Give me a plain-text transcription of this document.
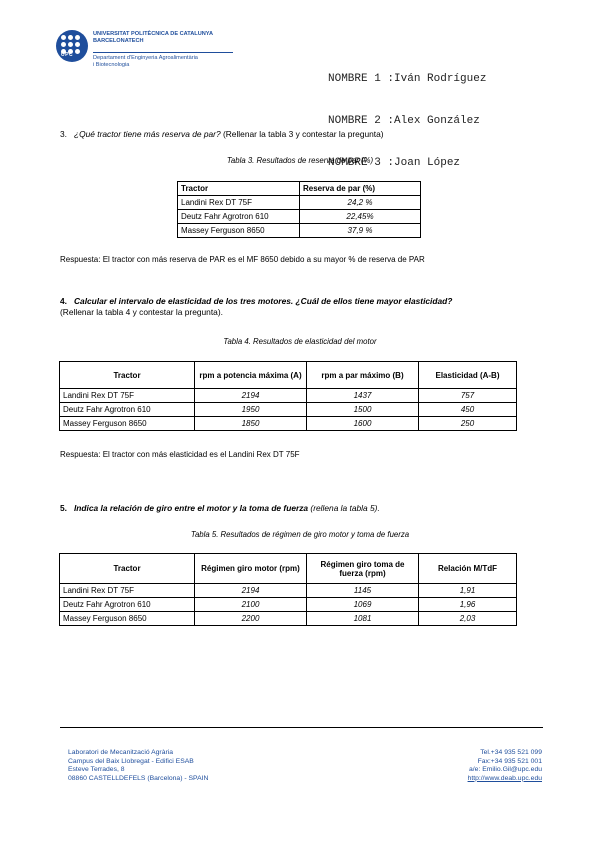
UPC
UNIVERSITAT POLITÈCNICA DE CATALUNYA
BARCELONATECH
Departament d'Enginyeria Agroalimentària
i Biotecnologia

NOMBRE 1 :Iván Rodríguez

NOMBRE 2 :Alex González

NOMBRE 3 :Joan López

3. ¿Qué tractor tiene más reserva de par? (Rellenar la tabla 3 y contestar la pregunta)
Tabla 3. Resultados de reserva de par (%)
Tractor	Reserva de par (%)
Landini Rex DT 75F	24,2 %
Deutz Fahr Agrotron 610	22,45%
Massey Ferguson 8650	37,9 %
Respuesta: El tractor con más reserva de PAR es el MF 8650 debido a su mayor % de reserva de PAR
4. Calcular el intervalo de elasticidad de los tres motores. ¿Cuál de ellos tiene mayor elasticidad?
(Rellenar la tabla 4 y contestar la pregunta).
Tabla 4. Resultados de elasticidad del motor
Tractor	rpm a potencia máxima (A)	rpm a par máximo (B)	Elasticidad (A-B)
Landini Rex DT 75F	2194	1437	757
Deutz Fahr Agrotron 610	1950	1500	450
Massey Ferguson 8650	1850	1600	250
Respuesta: El tractor con más elasticidad es el Landini Rex DT 75F
5. Indica la relación de giro entre el motor y la toma de fuerza (rellena la tabla 5).
Tabla 5. Resultados de régimen de giro motor y toma de fuerza
Tractor	Régimen giro motor (rpm)	Régimen giro toma de fuerza (rpm)	Relación M/TdF
Landini Rex DT 75F	2194	1145	1,91
Deutz Fahr Agrotron 610	2100	1069	1,96
Massey Ferguson 8650	2200	1081	2,03
Laboratori de Mecanització Agrària
Campus del Baix Llobregat - Edifici ESAB
Esteve Terrades, 8
08860 CASTELLDEFELS (Barcelona) - SPAIN
Tel.+34 935 521 099
Fax:+34 935 521 001
a/e: Emilio.Gil@upc.edu
http://www.deab.upc.edu
